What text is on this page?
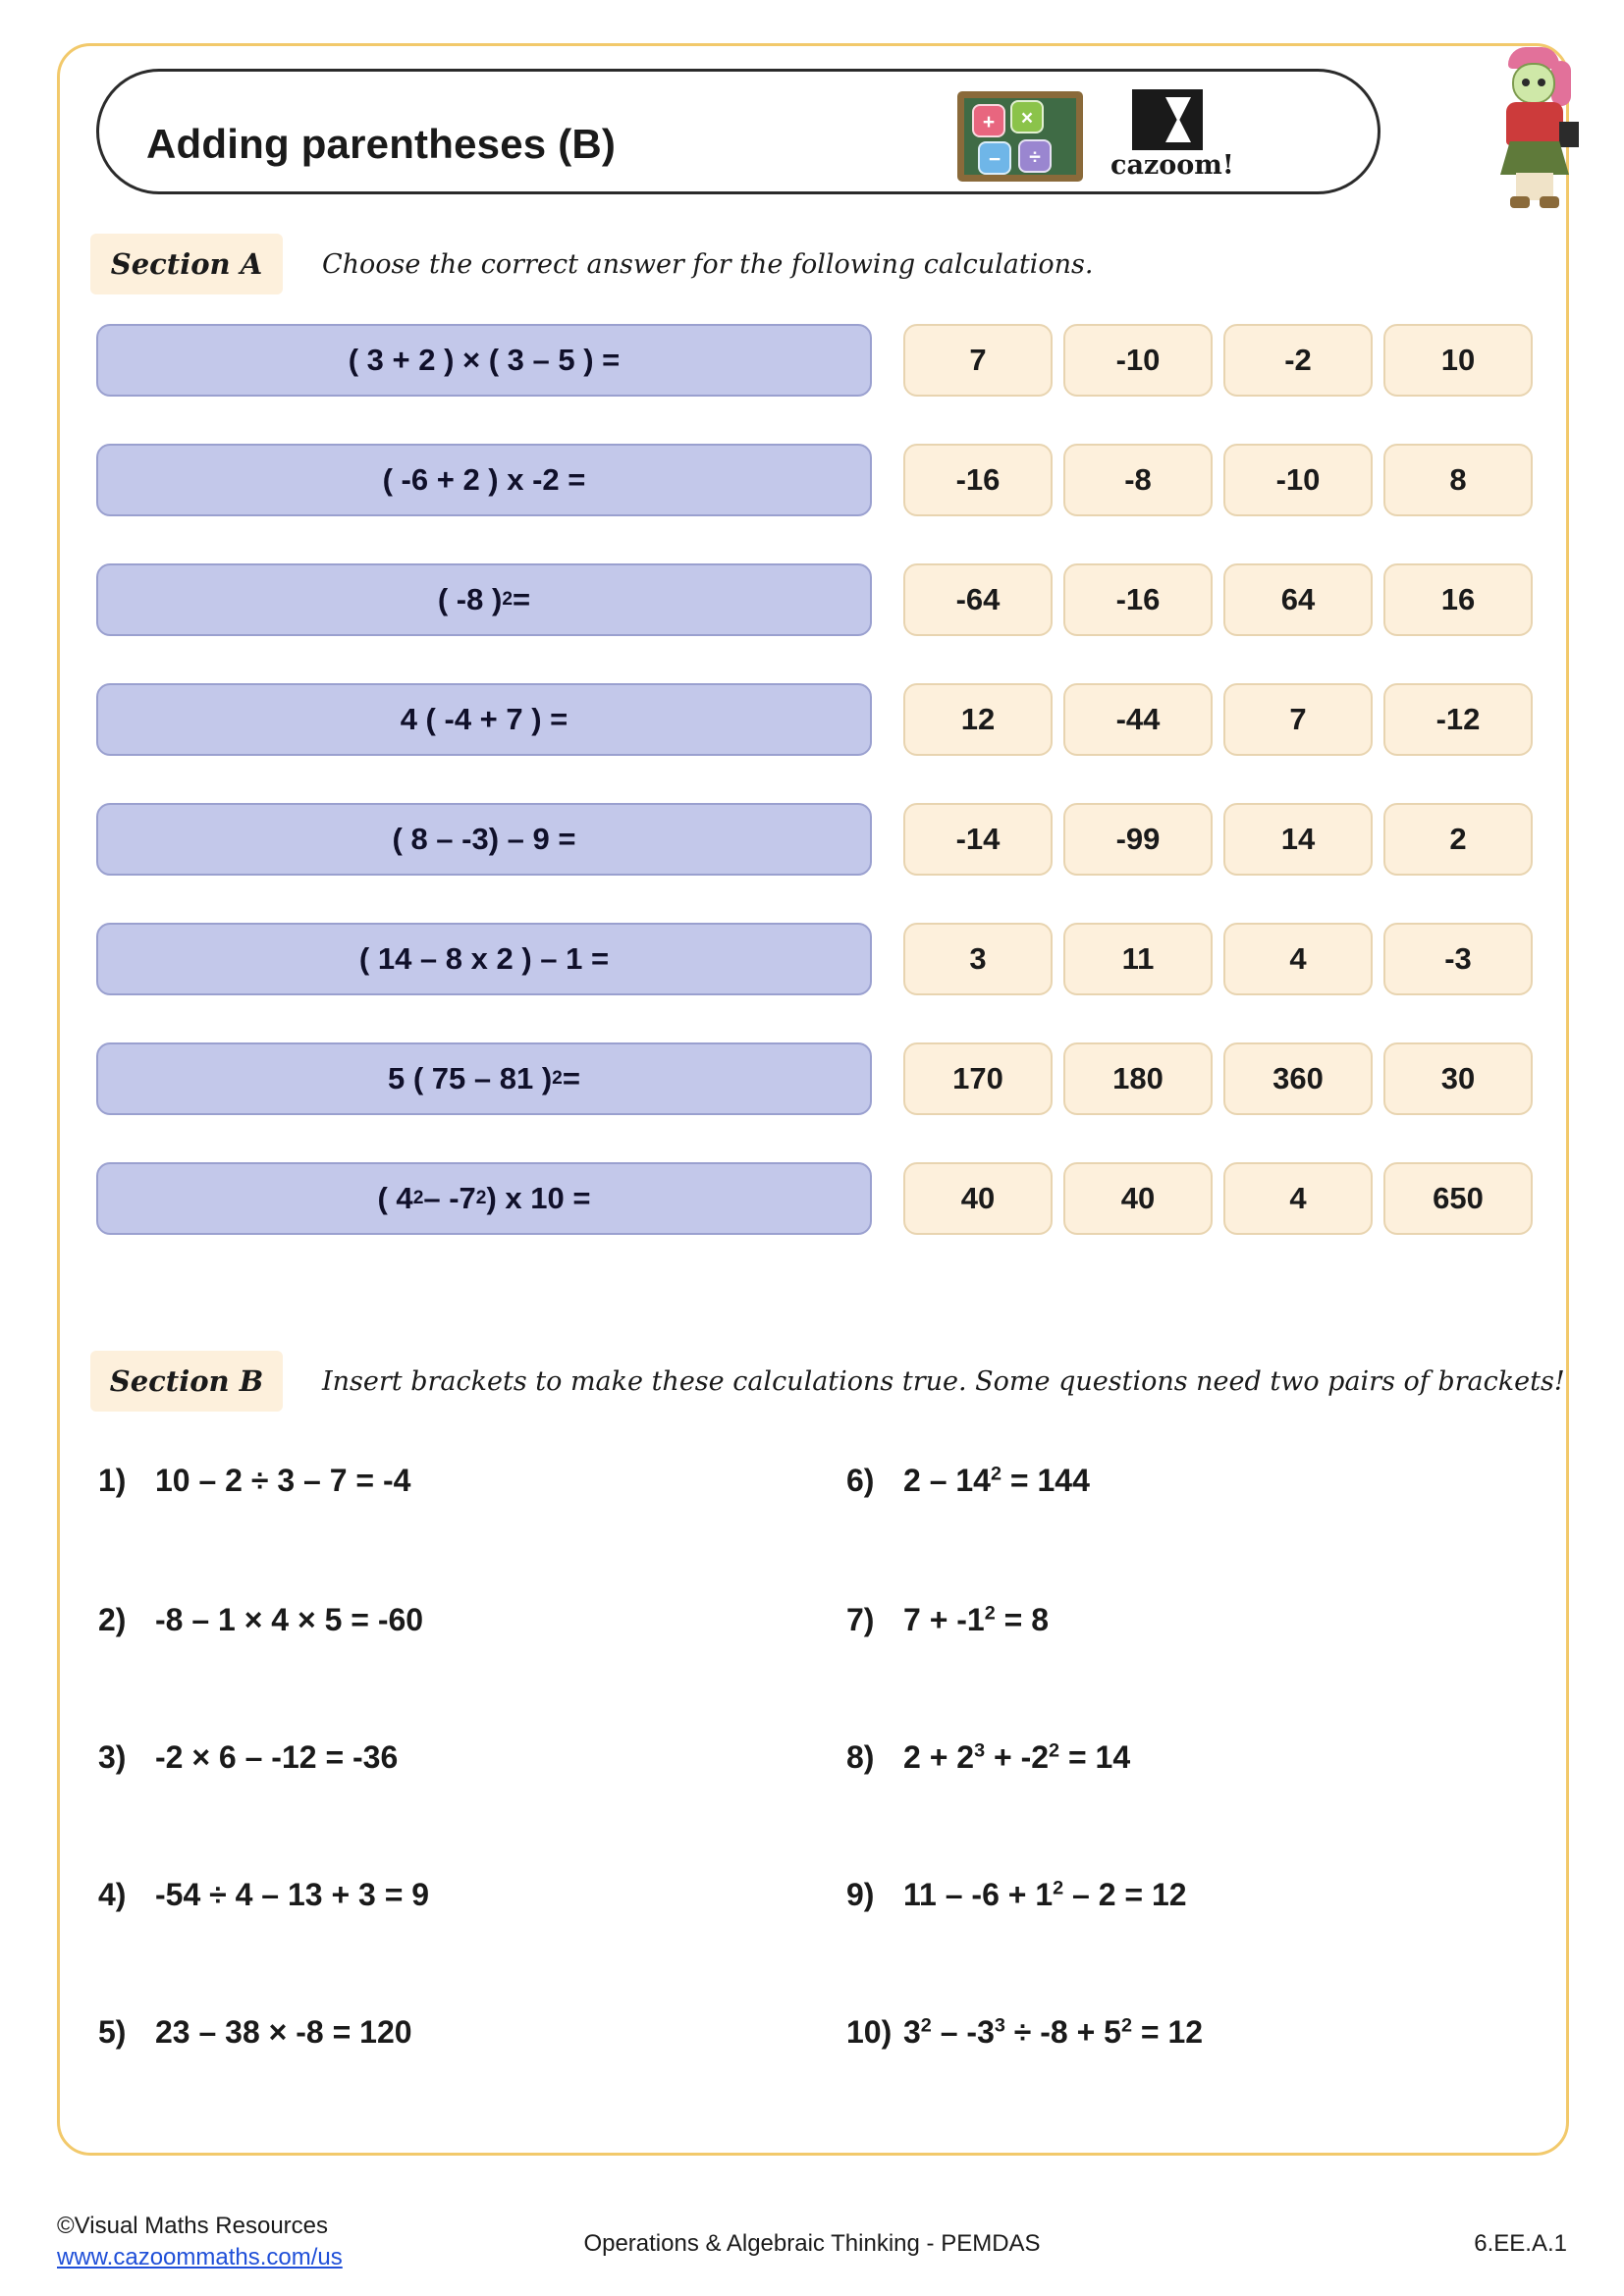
Adding parentheses (B)	+	×
−	÷	cazoom!
Section A	Choose the correct answer for the following calculations.
( 3 + 2 ) × ( 3 – 5 ) =	7	-10	-2	10
( -6 + 2 ) x -2 =	-16	-8	-10	8
( -8 ) 2 =	-64	-16	64	16
4 ( -4 + 7 ) =	12	-44	7	-12
( 8 – -3) – 9 =	-14	-99	14	2
( 14 – 8 x 2 ) – 1 =	3	11	4	-3
5 ( 75 – 81 ) 2 =	170	180	360	30
( 4 2 – -7 2 ) x 10 =	40	40	4	650
Section B	Insert brackets to make these calculations true. Some questions need two pairs of brackets!
1) 10 – 2 ÷ 3 – 7 = -4
2) -8 – 1 × 4 × 5 = -60
3) -2 × 6 – -12 = -36
4) -54 ÷ 4 – 13 + 3 = 9
5) 23 – 38 × -8 = 120
6) $2 - 14^2 = 144$
7) $7 + -1^2 = 8$
8) $2 + 2^3 + -2^2 = 14$
9) $11 - -6 + 1^2 - 2 = 12$
10) $3^2 - -3^3 \div -8 + 5^2 = 12$
©Visual Maths Resources
www.cazoommaths.com/us
Operations & Algebraic Thinking - PEMDAS	6.EE.A.1
